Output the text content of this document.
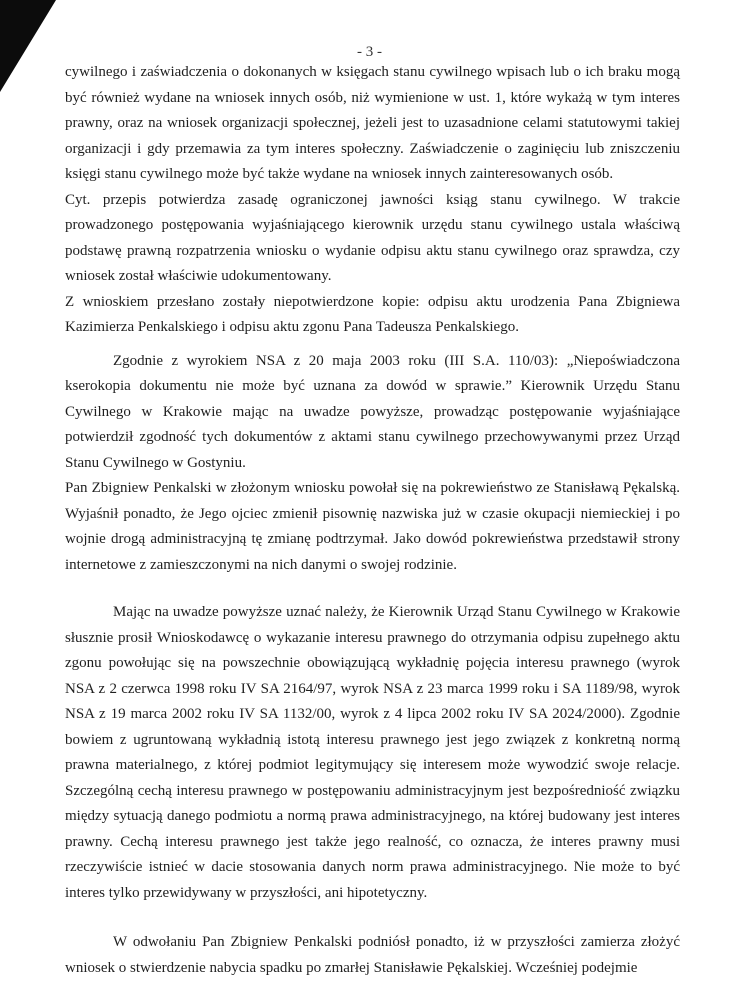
- 3 -

cywilnego i zaświadczenia o dokonanych w księgach stanu cywilnego wpisach lub o ich braku mogą być również wydane na wniosek innych osób, niż wymienione w ust. 1, które wykażą w tym interes prawny, oraz na wniosek organizacji społecznej, jeżeli jest to uzasadnione celami statutowymi takiej organizacji i gdy przemawia za tym interes społeczny. Zaświadczenie o zaginięciu lub zniszczeniu księgi stanu cywilnego może być także wydane na wniosek innych zainteresowanych osób.

Cyt. przepis potwierdza zasadę ograniczonej jawności ksiąg stanu cywilnego. W trakcie prowadzonego postępowania wyjaśniającego kierownik urzędu stanu cywilnego ustala właściwą podstawę prawną rozpatrzenia wniosku o wydanie odpisu aktu stanu cywilnego oraz sprawdza, czy wniosek został właściwie udokumentowany.

Z wnioskiem przesłano zostały niepotwierdzone kopie: odpisu aktu urodzenia Pana Zbigniewa Kazimierza Penkalskiego i odpisu aktu zgonu Pana Tadeusza Penkalskiego.

Zgodnie z wyrokiem NSA z 20 maja 2003 roku (III S.A. 110/03): „Niepoświadczona kserokopia dokumentu nie może być uznana za dowód w sprawie.” Kierownik Urzędu Stanu Cywilnego w Krakowie mając na uwadze powyższe, prowadząc postępowanie wyjaśniające potwierdził zgodność tych dokumentów z aktami stanu cywilnego przechowywanymi przez Urząd Stanu Cywilnego w Gostyniu.

Pan Zbigniew Penkalski w złożonym wniosku powołał się na pokrewieństwo ze Stanisławą Pękalską. Wyjaśnił ponadto, że Jego ojciec zmienił pisownię nazwiska już w czasie okupacji niemieckiej i po wojnie drogą administracyjną tę zmianę podtrzymał. Jako dowód pokrewieństwa przedstawił strony internetowe z zamieszczonymi na nich danymi o swojej rodzinie.

Mając na uwadze powyższe uznać należy, że Kierownik Urząd Stanu Cywilnego w Krakowie słusznie prosił Wnioskodawcę o wykazanie interesu prawnego do otrzymania odpisu zupełnego aktu zgonu powołując się na powszechnie obowiązującą wykładnię pojęcia interesu prawnego (wyrok NSA z 2 czerwca 1998 roku IV SA 2164/97, wyrok NSA z 23 marca 1999 roku i SA 1189/98, wyrok NSA z 19 marca 2002 roku IV SA 1132/00, wyrok z 4 lipca 2002 roku IV SA 2024/2000). Zgodnie bowiem z ugruntowaną wykładnią istotą interesu prawnego jest jego związek z konkretną normą prawna materialnego, z której podmiot legitymujący się interesem może wywodzić swoje relacje. Szczególną cechą interesu prawnego w postępowaniu administracyjnym jest bezpośredniość związku między sytuacją danego podmiotu a normą prawa administracyjnego, na której budowany jest interes prawny. Cechą interesu prawnego jest także jego realność, co oznacza, że interes prawny musi rzeczywiście istnieć w dacie stosowania danych norm prawa administracyjnego. Nie może to być interes tylko przewidywany w przyszłości, ani hipotetyczny.

W odwołaniu Pan Zbigniew Penkalski podniósł ponadto, iż w przyszłości zamierza złożyć wniosek o stwierdzenie nabycia spadku po zmarłej Stanisławie Pękalskiej. Wcześniej podejmie
